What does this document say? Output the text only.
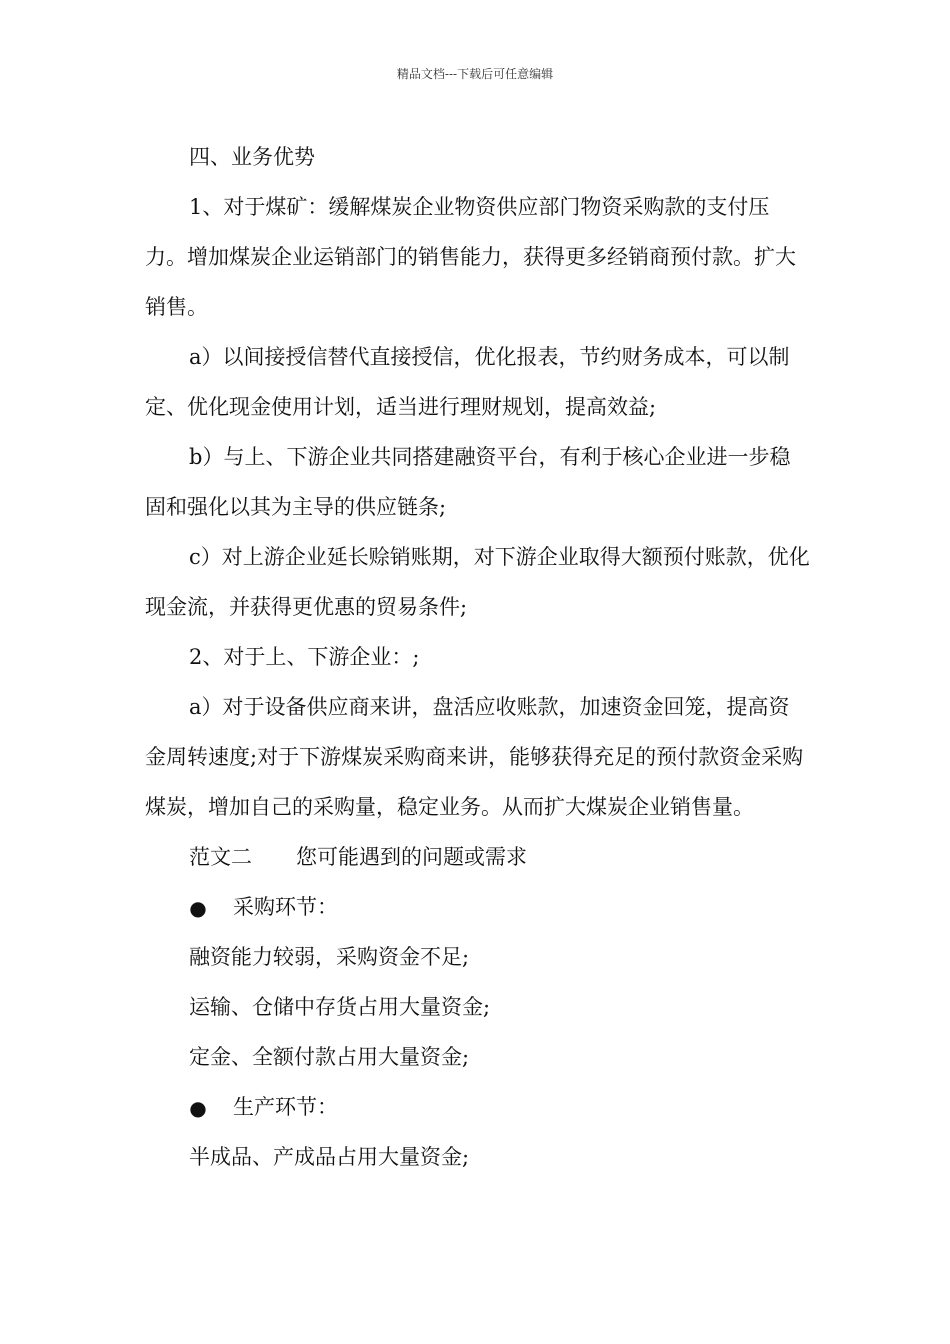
精品文档---下载后可任意编辑

四、业务优势

1、对于煤矿：缓解煤炭企业物资供应部门物资采购款的支付压力。增加煤炭企业运销部门的销售能力，获得更多经销商预付款。扩大销售。

a）以间接授信替代直接授信，优化报表，节约财务成本，可以制定、优化现金使用计划，适当进行理财规划，提高效益;

b）与上、下游企业共同搭建融资平台，有利于核心企业进一步稳固和强化以其为主导的供应链条;

c）对上游企业延长赊销账期，对下游企业取得大额预付账款，优化现金流，并获得更优惠的贸易条件;

2、对于上、下游企业：;

a）对于设备供应商来讲，盘活应收账款，加速资金回笼，提高资金周转速度;对于下游煤炭采购商来讲，能够获得充足的预付款资金采购煤炭，增加自己的采购量，稳定业务。从而扩大煤炭企业销售量。

范文二 您可能遇到的问题或需求

● 采购环节：

融资能力较弱，采购资金不足;

运输、仓储中存货占用大量资金;

定金、全额付款占用大量资金;

● 生产环节：

半成品、产成品占用大量资金;
